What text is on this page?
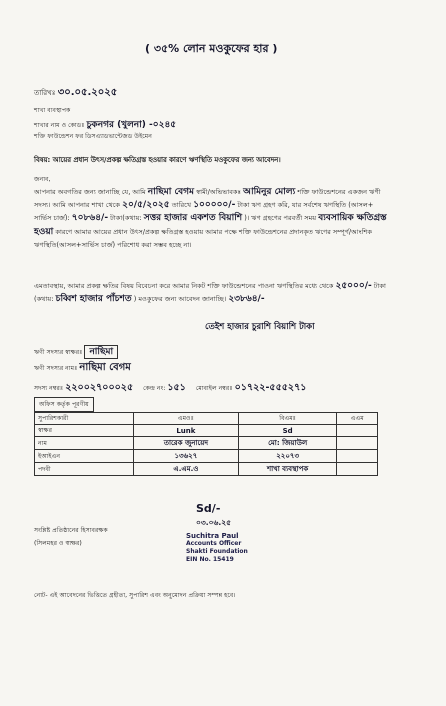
( ৩৫% লোন মওকুফের হার )
তারিখঃ ৩০.০৫.২০২৫
শাখা ব্যবস্থাপক
শাখার নাম ও কোডঃ চুকনগর (খুলনা) -০২৪৫
শক্তি ফাউন্ডেশন ফর ডিসএ্যাডভান্টেজড উইমেন
বিষয়: আয়ের প্রধান উৎস/প্রকল্প ক্ষতিগ্রস্ত হওয়ার কারণে ঋণস্থিতি মওকুফের জন্য আবেদন।
জনাব,
আপনার অবগতির জন্য জানাচ্ছি যে, আমি নাছিমা বেগম স্বামী/অভিভাবকঃ আমিনুর মোল্য শক্তি ফাউন্ডেশনের একজন ঋণী সদস্য। আমি আপনার শাখা থেকে ২০/৫/২০২৫ তারিখে ১০০০০০/- টাকা ঋণ গ্রহণ করি, যার সর্বশেষ ঋণস্থিতি (আসল+ সার্ভিস চার্জ): ৭০৮৬৪/- টাকা(কথায়: সত্তর হাজার একশত বিয়াশি )। ঋণ গ্রহণের পরবর্তী সময় ব্যবসায়িক ক্ষতিগ্রস্ত হওয়া কারণে আমার আয়ের প্রধান উৎস/প্রকল্প ক্ষতিগ্রস্ত হওয়ায় আমার পক্ষে শক্তি ফাউন্ডেশনের প্রদানকৃত ঋণের সম্পূর্ণ/আংশিক ঋণস্থিতি(আসল+সার্ভিস চার্জ) পরিশোধ করা সম্ভব হচ্ছে না।
এমতাবস্থায়, আমার প্রকল্প ক্ষতির বিষয় বিবেচনা করে আমার নিকট শক্তি ফাউন্ডেশনের পাওনা ঋণস্থিতির মধ্যে থেকে ২৫০০০/- টাকা (কথায়: চব্বিশ হাজার পাঁচশত ) মওকুফের জন্য আবেদন জানাচ্ছি। ২৩৮৬৪/-
তেইশ হাজার চুরাশি বিয়াশি টাকা
ঋণী সদস্যর স্বাক্ষরঃ নাছিমা
ঋণী সদস্যর নামঃ নাছিমা বেগম
সদস্য নম্বরঃ ২২০০২৭০০০২৫ কেন্দ্র নং: ১৫১ মোবাইল নম্বরঃ ০১৭২২-৫৫৫২৭১
অফিস কর্তৃক পূরণীয়
সুপারিশকারী	এমওঃ	বিএমঃ	এএম
স্বাক্ষর	Lunk	Sd	
নাম	তারেক জুনায়েদ	মো: জিয়াউল	
ইআইএন	১৩৬২৭	২২০৭৩	
পদবী	এ.এম.ও	শাখা ব্যবস্থাপক	
Sd/-
০৩.০৬.২৫
সংশ্লিষ্ট প্রতিষ্ঠানের হিসাবরক্ষক
(সিলমহর ও স্বাক্ষর)
Suchitra Paul
Accounts Officer
Shakti Foundation
EIN No. 15419
নোট- এই আবেদনের ভিত্তিতে গ্রহীতা, সুপারিশ এবং অনুমোদন প্রক্রিয়া সম্পন্ন হবে।
